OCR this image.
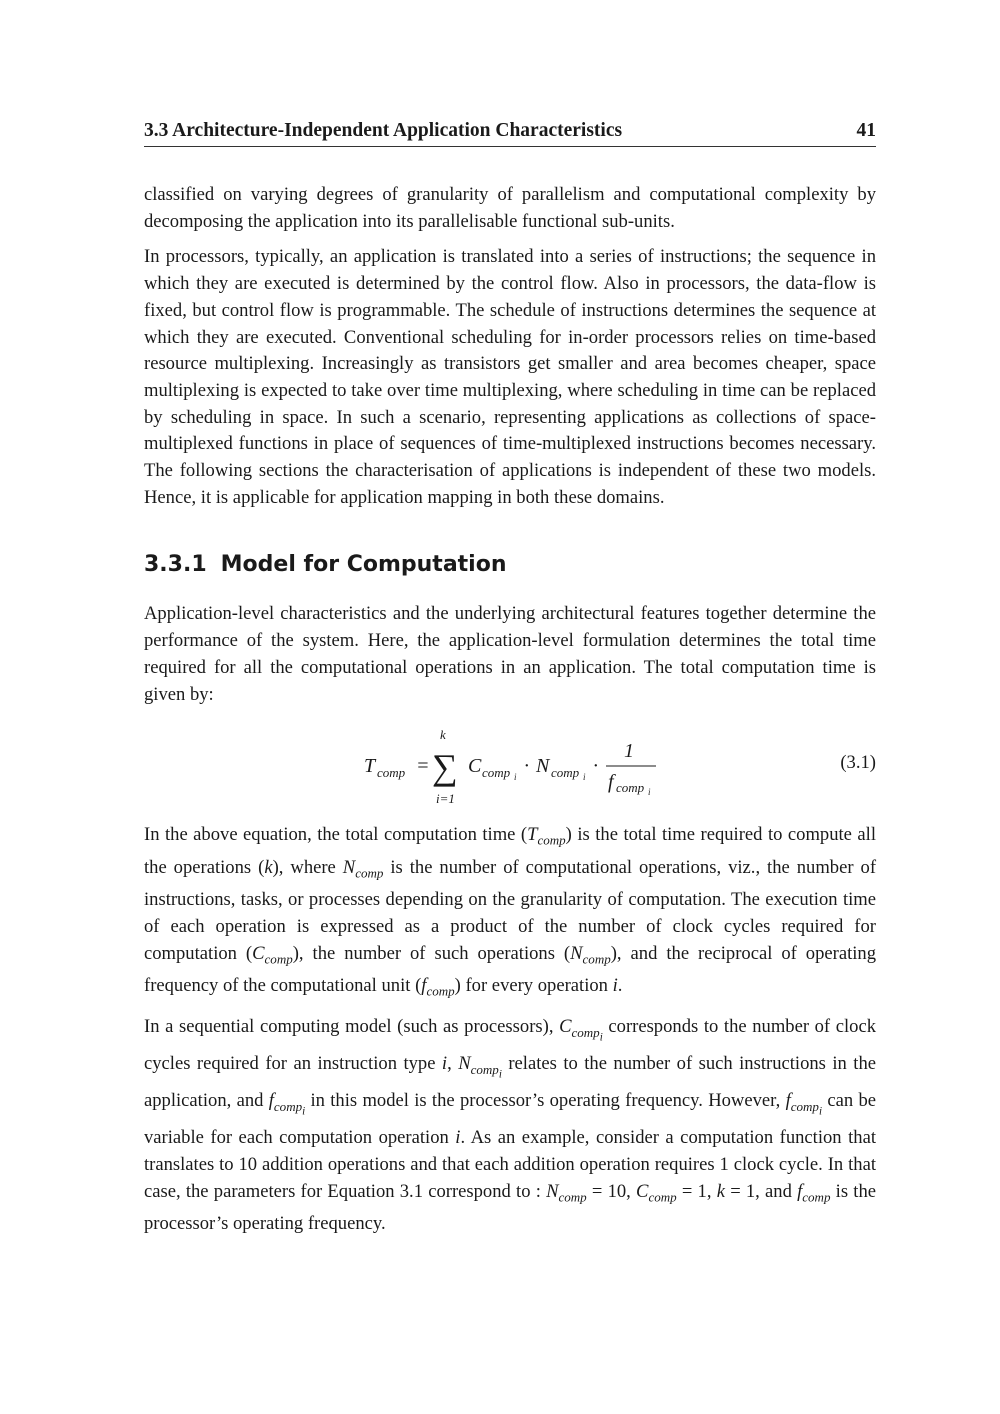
3.3 Architecture-Independent Application Characteristics	41

classified on varying degrees of granularity of parallelism and computational complexity by decomposing the application into its parallelisable functional sub-units.

In processors, typically, an application is translated into a series of instructions; the sequence in which they are executed is determined by the control flow. Also in processors, the data-flow is fixed, but control flow is programmable. The schedule of instructions determines the sequence at which they are executed. Conventional scheduling for in-order processors relies on time-based resource multiplexing. Increasingly as transistors get smaller and area becomes cheaper, space multiplexing is expected to take over time multiplexing, where scheduling in time can be replaced by scheduling in space. In such a scenario, representing applications as collections of space-multiplexed functions in place of sequences of time-multiplexed instructions becomes necessary. The following sections the characterisation of applications is independent of these two models. Hence, it is applicable for application mapping in both these domains.

3.3.1 Model for Computation

Application-level characteristics and the underlying architectural features together determine the performance of the system. Here, the application-level formulation determines the total time required for all the computational operations in an application. The total computation time is given by:

T comp =
k
∑
i=1
C comp i · N comp i ·
1
f comp i
(3.1)

In the above equation, the total computation time $(T_{comp})$ is the total time required to compute all the operations (k), where $N_{comp}$ is the number of computational operations, viz., the number of instructions, tasks, or processes depending on the granularity of computation. The execution time of each operation is expressed as a product of the number of clock cycles required for computation $(C_{comp})$, the number of such operations $(N_{comp})$, and the reciprocal of operating frequency of the computational unit $(f_{comp})$ for every operation i.

In a sequential computing model (such as processors), $C_{comp_i}$ corresponds to the number of clock cycles required for an instruction type i, $N_{comp_i}$ relates to the number of such instructions in the application, and $f_{comp_i}$ in this model is the processor’s operating frequency. However, $f_{comp_i}$ can be variable for each computation operation i. As an example, consider a computation function that translates to 10 addition operations and that each addition operation requires 1 clock cycle. In that case, the parameters for Equation 3.1 correspond to : $N_{comp} = 10$, $C_{comp} = 1$, k = 1, and $f_{comp}$ is the processor’s operating frequency.
